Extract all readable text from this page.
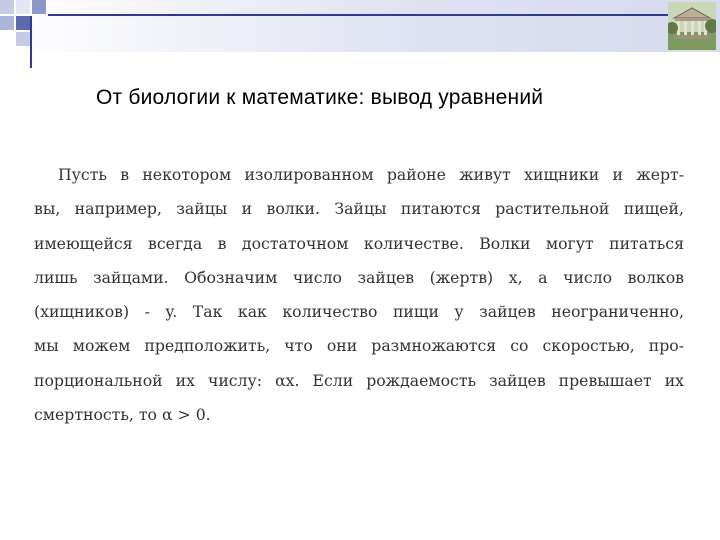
От биологии к математике: вывод уравнений
Пусть в некотором изолированном районе живут хищники и жерт-
вы, например, зайцы и волки. Зайцы питаются растительной пищей,
имеющейся всегда в достаточном количестве. Волки могут питаться
лишь зайцами. Обозначим число зайцев (жертв) x, а число волков
(хищников) - y. Так как количество пищи у зайцев неограниченно,
мы можем предположить, что они размножаются со скоростью, про-
порциональной их числу: αx. Если рождаемость зайцев превышает их
смертность, то α > 0.
